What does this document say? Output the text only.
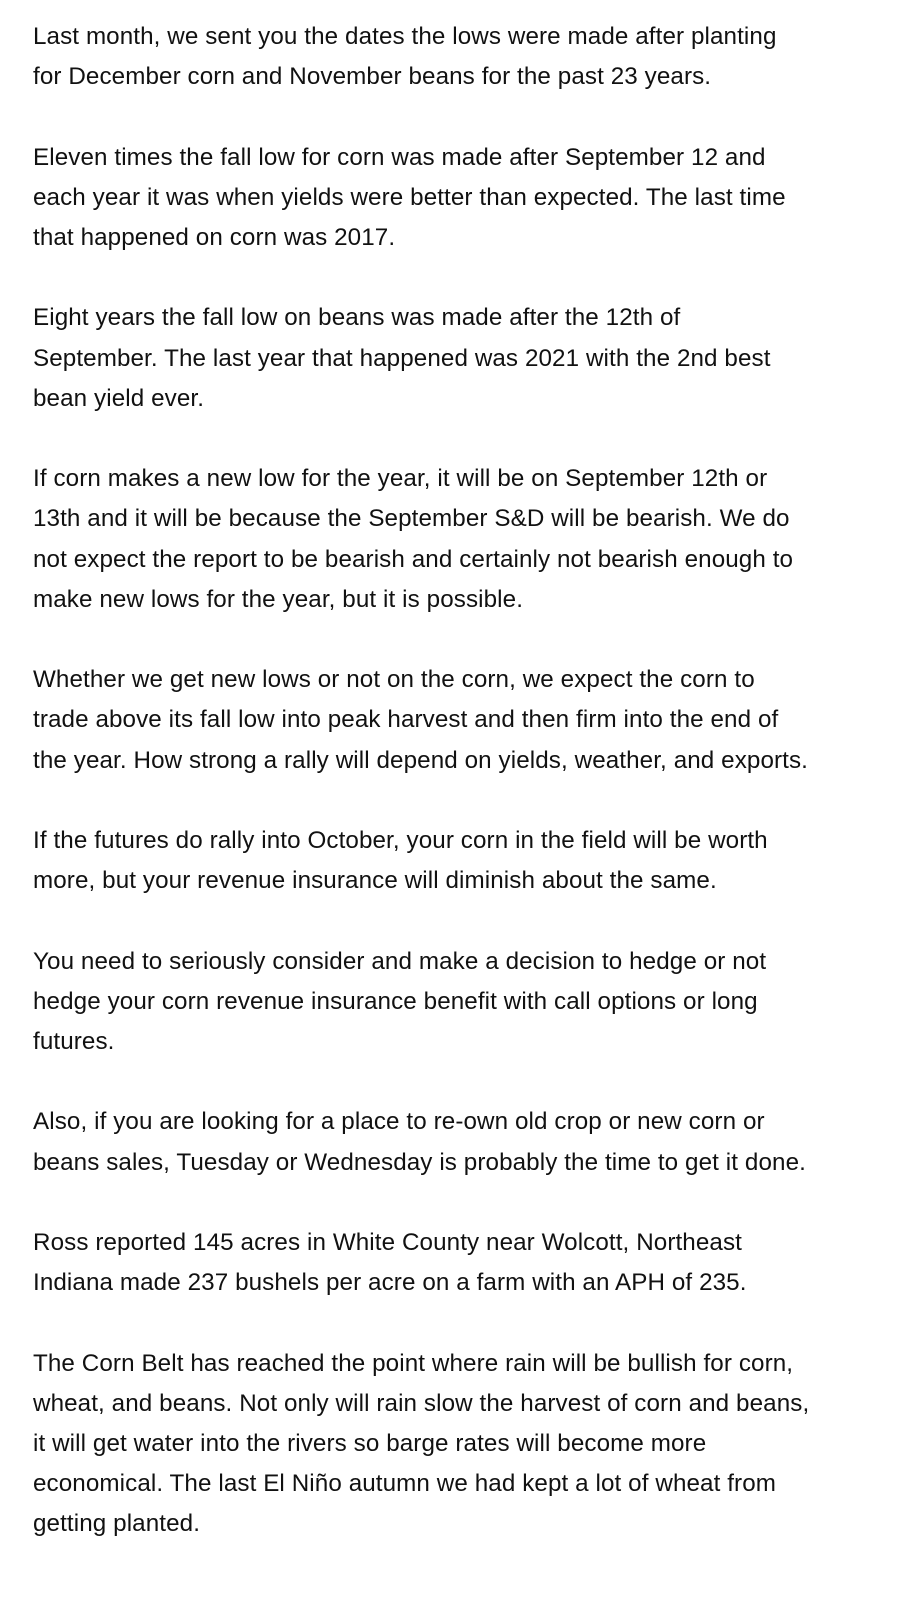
Last month, we sent you the dates the lows were made after planting
for December corn and November beans for the past 23 years.

Eleven times the fall low for corn was made after September 12 and
each year it was when yields were better than expected. The last time
that happened on corn was 2017.

Eight years the fall low on beans was made after the 12th of
September. The last year that happened was 2021 with the 2nd best
bean yield ever.

If corn makes a new low for the year, it will be on September 12th or
13th and it will be because the September S&D will be bearish. We do
not expect the report to be bearish and certainly not bearish enough to
make new lows for the year, but it is possible.

Whether we get new lows or not on the corn, we expect the corn to
trade above its fall low into peak harvest and then firm into the end of
the year. How strong a rally will depend on yields, weather, and exports.

If the futures do rally into October, your corn in the field will be worth
more, but your revenue insurance will diminish about the same.

You need to seriously consider and make a decision to hedge or not
hedge your corn revenue insurance benefit with call options or long
futures.

Also, if you are looking for a place to re-own old crop or new corn or
beans sales, Tuesday or Wednesday is probably the time to get it done.

Ross reported 145 acres in White County near Wolcott, Northeast
Indiana made 237 bushels per acre on a farm with an APH of 235.

The Corn Belt has reached the point where rain will be bullish for corn,
wheat, and beans. Not only will rain slow the harvest of corn and beans,
it will get water into the rivers so barge rates will become more
economical. The last El Niño autumn we had kept a lot of wheat from
getting planted.
